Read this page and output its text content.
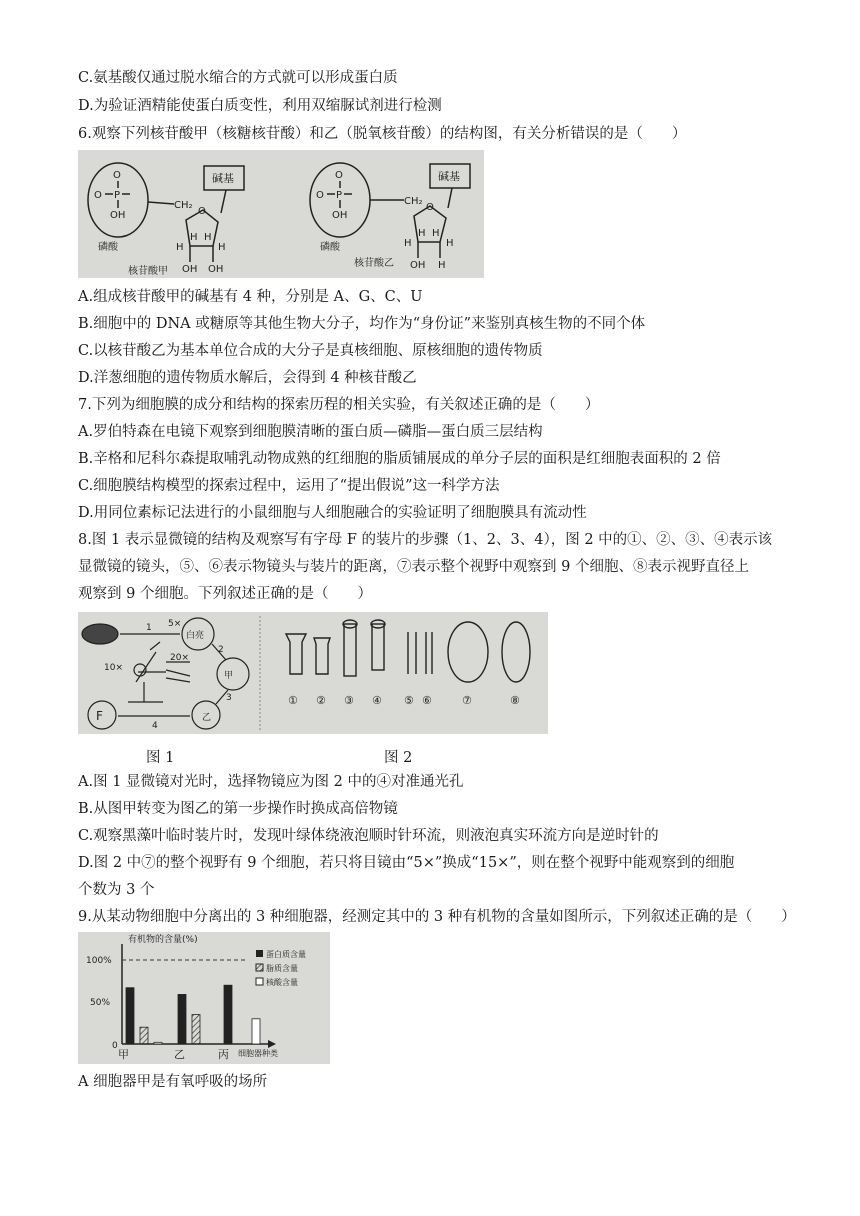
C.氨基酸仅通过脱水缩合的方式就可以形成蛋白质
D.为验证酒精能使蛋白质变性，利用双缩脲试剂进行检测
6.观察下列核苷酸甲（核糖核苷酸）和乙（脱氧核苷酸）的结构图，有关分析错误的是（　　）
O
O P
OH
CH₂
O
H	H
H H
OH OH
碱基
磷酸
核苷酸甲
O
O P
OH
CH₂
O
H	H
H H
OH H
碱基
磷酸
核苷酸乙
A.组成核苷酸甲的碱基有 4 种，分别是 A、G、C、U
B.细胞中的 DNA 或糖原等其他生物大分子，均作为“身份证”来鉴别真核生物的不同个体
C.以核苷酸乙为基本单位合成的大分子是真核细胞、原核细胞的遗传物质
D.洋葱细胞的遗传物质水解后，会得到 4 种核苷酸乙
7.下列为细胞膜的成分和结构的探索历程的相关实验，有关叙述正确的是（　　）
A.罗伯特森在电镜下观察到细胞膜清晰的蛋白质—磷脂—蛋白质三层结构
B.辛格和尼科尔森提取哺乳动物成熟的红细胞的脂质铺展成的单分子层的面积是红细胞表面积的 2 倍
C.细胞膜结构模型的探索过程中，运用了“提出假说”这一科学方法
D.用同位素标记法进行的小鼠细胞与人细胞融合的实验证明了细胞膜具有流动性
8.图 1 表示显微镜的结构及观察写有字母 F 的装片的步骤（1、2、3、4），图 2 中的①、②、③、④表示该
显微镜的镜头，⑤、⑥表示物镜头与装片的距离，⑦表示整个视野中观察到 9 个细胞、⑧表示视野直径上
观察到 9 个细胞。下列叙述正确的是（　　）
白亮
甲
乙
F
5×
10×
20×
1
2
3
4
① ② ③ ④ ⑤ ⑥	⑦	⑧
图 1	图 2
A.图 1 显微镜对光时，选择物镜应为图 2 中的④对准通光孔
B.从图甲转变为图乙的第一步操作时换成高倍物镜
C.观察黑藻叶临时装片时，发现叶绿体绕液泡顺时针环流，则液泡真实环流方向是逆时针的
D.图 2 中⑦的整个视野有 9 个细胞，若只将目镜由“5×”换成“15×”，则在整个视野中能观察到的细胞
个数为 3 个
9.从某动物细胞中分离出的 3 种细胞器，经测定其中的 3 种有机物的含量如图所示，下列叙述正确的是（　　）
有机物的含量(%)
100%
50%
0
甲	乙	丙 细胞器种类
蛋白质含量
脂质含量
核酸含量
A 细胞器甲是有氧呼吸的场所
